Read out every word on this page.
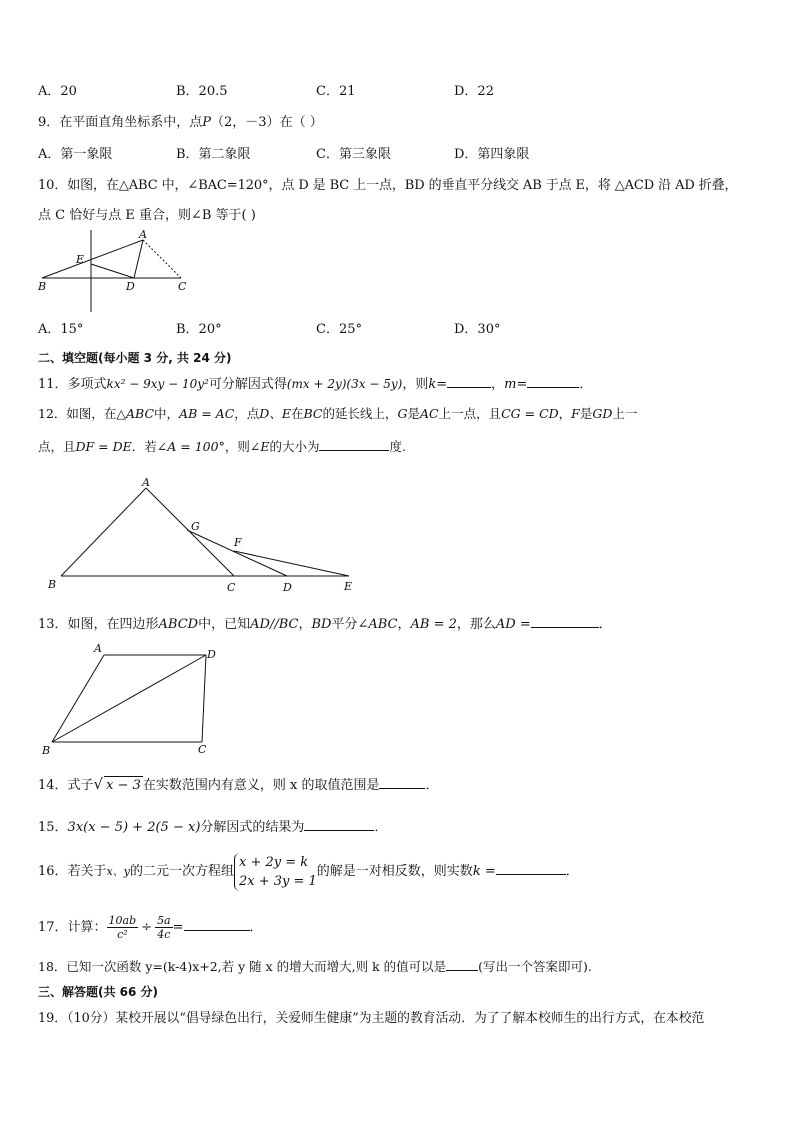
A．20	B．20.5	C．21	D．22
9．在平面直角坐标系中，点P（2，－3）在（ ）
A．第一象限	B．第二象限	C．第三象限	D．第四象限
10．如图，在△ABC 中，∠BAC=120°，点 D 是 BC 上一点，BD 的垂直平分线交 AB 于点 E，将 △ACD 沿 AD 折叠，
点 C 恰好与点 E 重合，则∠B 等于( )
A
E
B	D	C
A．15°	B．20°	C．25°	D．30°
二、填空题(每小题 3 分, 共 24 分)
11．多项式kx² − 9xy − 10y²可分解因式得(mx + 2y)(3x − 5y)，则k=	，m=	．
12．如图，在△ABC中，AB = AC，点D、E在BC的延长线上，G是AC上一点，且CG = CD，F是GD上一
点，且DF = DE．若∠A = 100°，则∠E的大小为	度.
A
B	C	D	E
F
G
13．如图，在四边形ABCD中，已知AD//BC，BD平分∠ABC，AB = 2，那么AD =	．
A	D
B	C
14．式子√ x − 3 在实数范围内有意义，则 x 的取值范围是	．
15．3x(x − 5) + 2(5 − x)分解因式的结果为	．
16．若关于x、y的二元一次方程组
x + 2y = k
2x + 3y = 1
的解是一对相反数，则实数k =	．
17．计算： $\frac{10ab}{\text{c²}} \div \frac{5a}{4c}$ =	．
18．已知一次函数 y=(k-4)x+2,若 y 随 x 的增大而增大,则 k 的值可以是	(写出一个答案即可).
三、解答题(共 66 分)
19．（10分）某校开展以“倡导绿色出行，关爱师生健康”为主题的教育活动．为了了解本校师生的出行方式，在本校范
